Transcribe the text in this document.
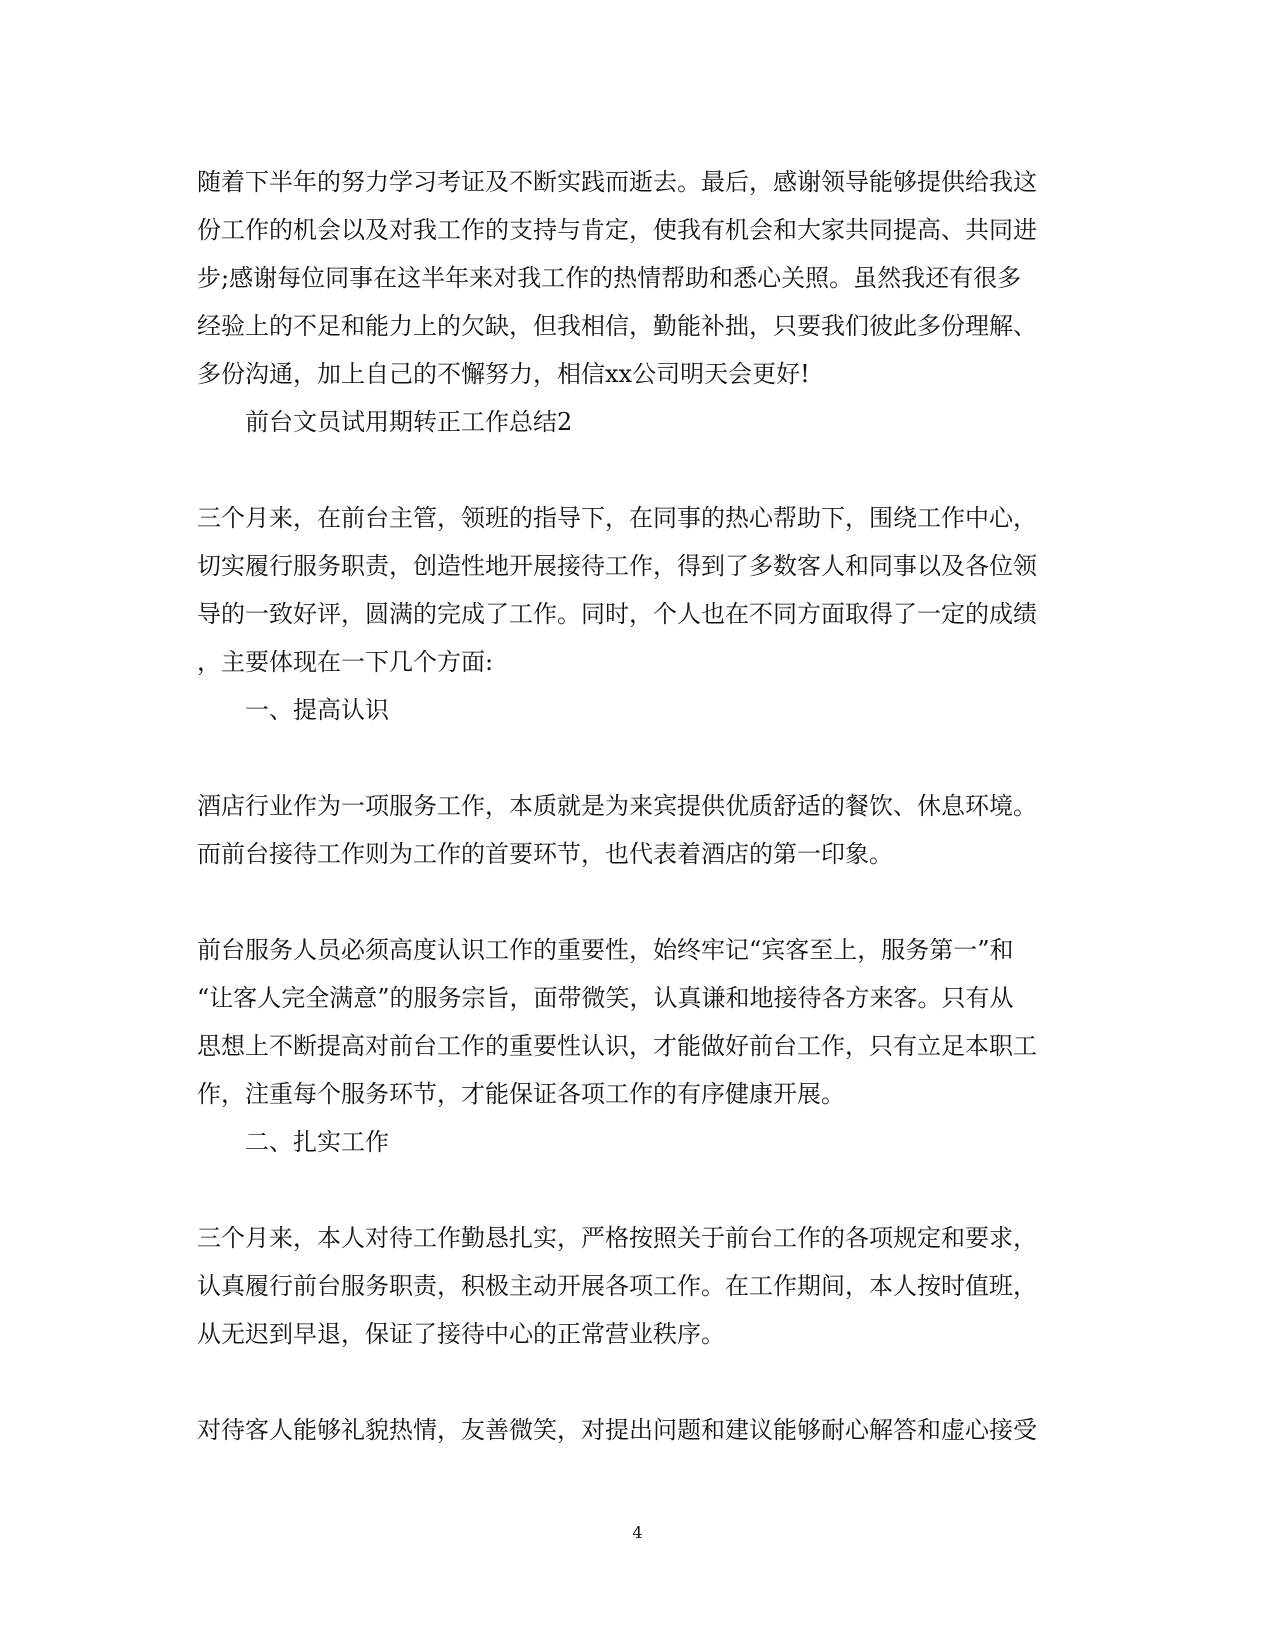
随着下半年的努力学习考证及不断实践而逝去。最后，感谢领导能够提供给我这
份工作的机会以及对我工作的支持与肯定，使我有机会和大家共同提高、共同进
步;感谢每位同事在这半年来对我工作的热情帮助和悉心关照。虽然我还有很多
经验上的不足和能力上的欠缺，但我相信，勤能补拙，只要我们彼此多份理解、
多份沟通，加上自己的不懈努力，相信xx公司明天会更好!
前台文员试用期转正工作总结2
三个月来，在前台主管，领班的指导下，在同事的热心帮助下，围绕工作中心，
切实履行服务职责，创造性地开展接待工作，得到了多数客人和同事以及各位领
导的一致好评，圆满的完成了工作。同时，个人也在不同方面取得了一定的成绩
，主要体现在一下几个方面:
一、提高认识
酒店行业作为一项服务工作，本质就是为来宾提供优质舒适的餐饮、休息环境。
而前台接待工作则为工作的首要环节，也代表着酒店的第一印象。
前台服务人员必须高度认识工作的重要性，始终牢记“宾客至上，服务第一”和
“让客人完全满意”的服务宗旨，面带微笑，认真谦和地接待各方来客。只有从
思想上不断提高对前台工作的重要性认识，才能做好前台工作，只有立足本职工
作，注重每个服务环节，才能保证各项工作的有序健康开展。
二、扎实工作
三个月来，本人对待工作勤恳扎实，严格按照关于前台工作的各项规定和要求，
认真履行前台服务职责，积极主动开展各项工作。在工作期间，本人按时值班，
从无迟到早退，保证了接待中心的正常营业秩序。
对待客人能够礼貌热情，友善微笑，对提出问题和建议能够耐心解答和虚心接受
4
